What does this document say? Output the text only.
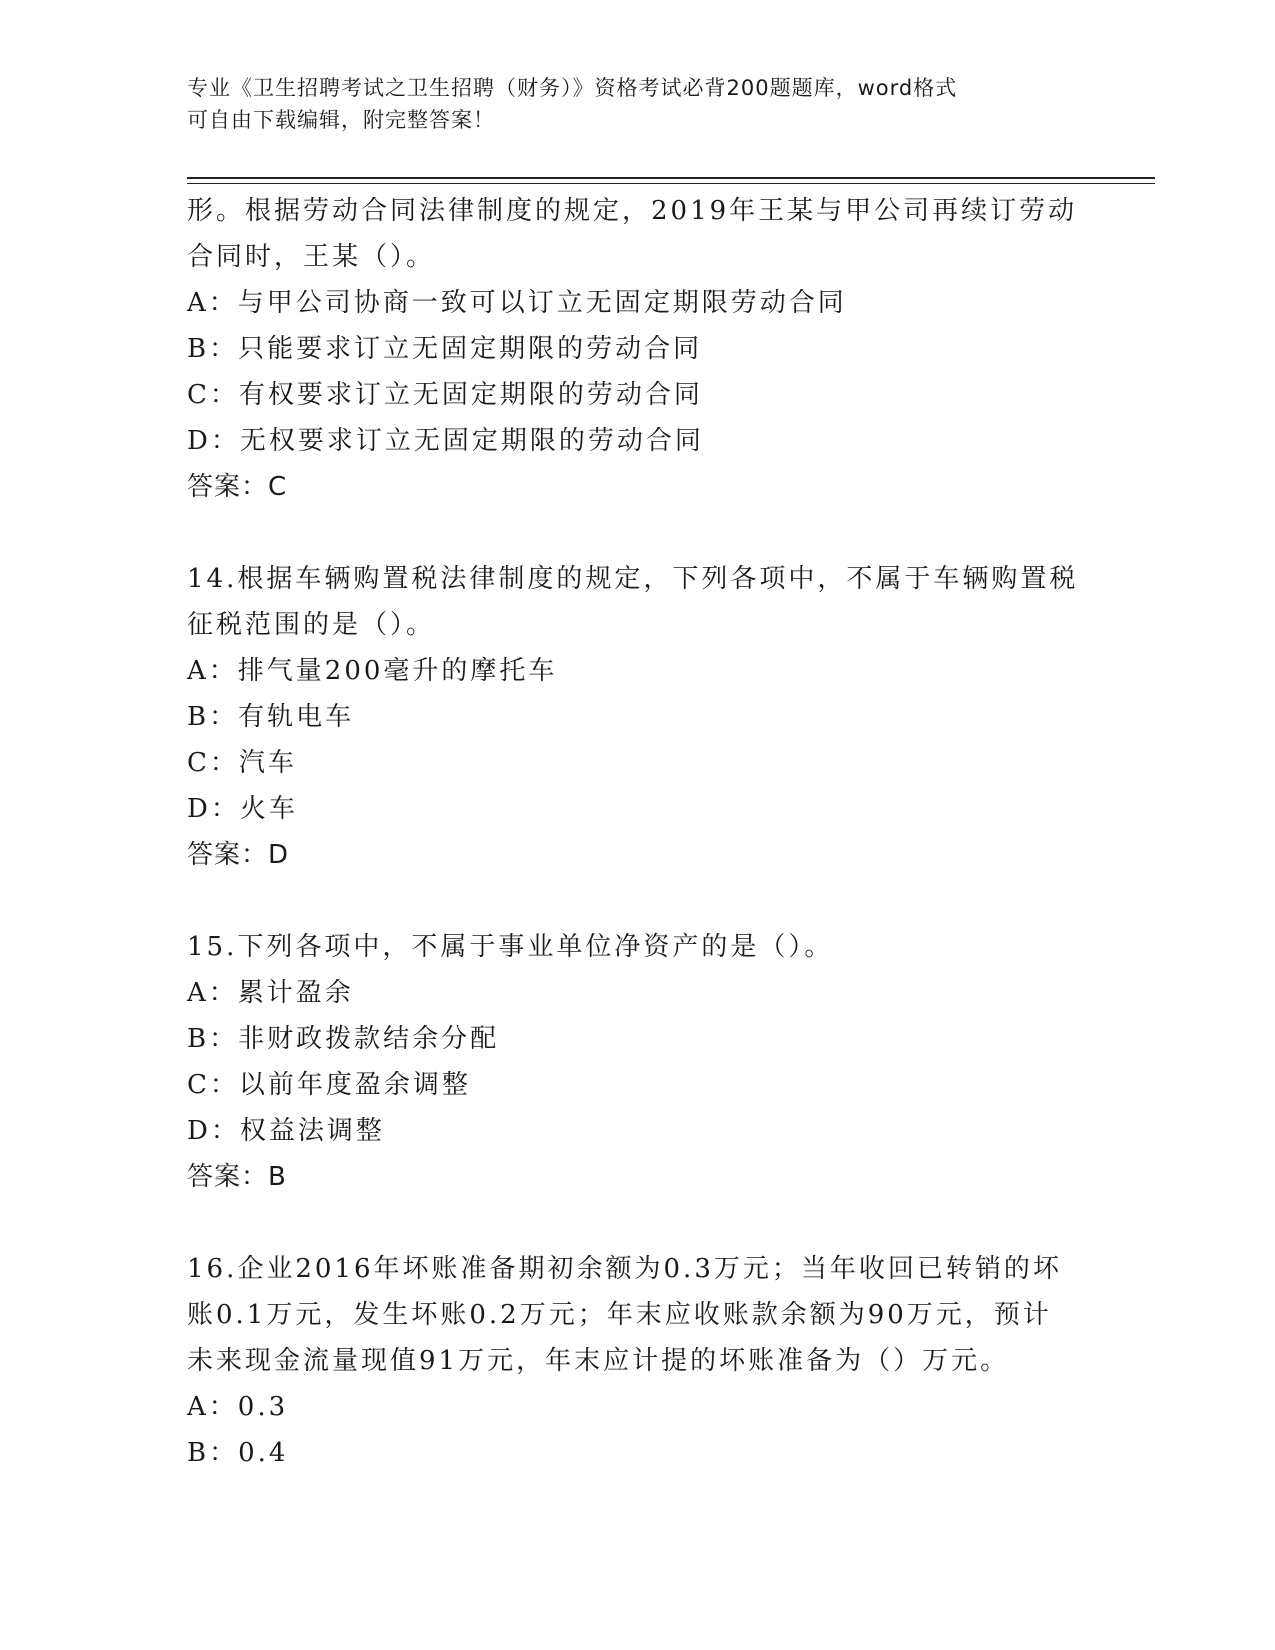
专业《卫生招聘考试之卫生招聘（财务）》资格考试必背200题题库，word格式
可自由下载编辑，附完整答案！
形。根据劳动合同法律制度的规定，2019年王某与甲公司再续订劳动
合同时，王某（）。
A：与甲公司协商一致可以订立无固定期限劳动合同
B：只能要求订立无固定期限的劳动合同
C：有权要求订立无固定期限的劳动合同
D：无权要求订立无固定期限的劳动合同
答案：C
14.根据车辆购置税法律制度的规定，下列各项中，不属于车辆购置税
征税范围的是（）。
A：排气量200毫升的摩托车
B：有轨电车
C：汽车
D：火车
答案：D
15.下列各项中，不属于事业单位净资产的是（）。
A：累计盈余
B：非财政拨款结余分配
C：以前年度盈余调整
D：权益法调整
答案：B
16.企业2016年坏账准备期初余额为0.3万元；当年收回已转销的坏
账0.1万元，发生坏账0.2万元；年末应收账款余额为90万元，预计
未来现金流量现值91万元，年末应计提的坏账准备为（）万元。
A：0.3
B：0.4
